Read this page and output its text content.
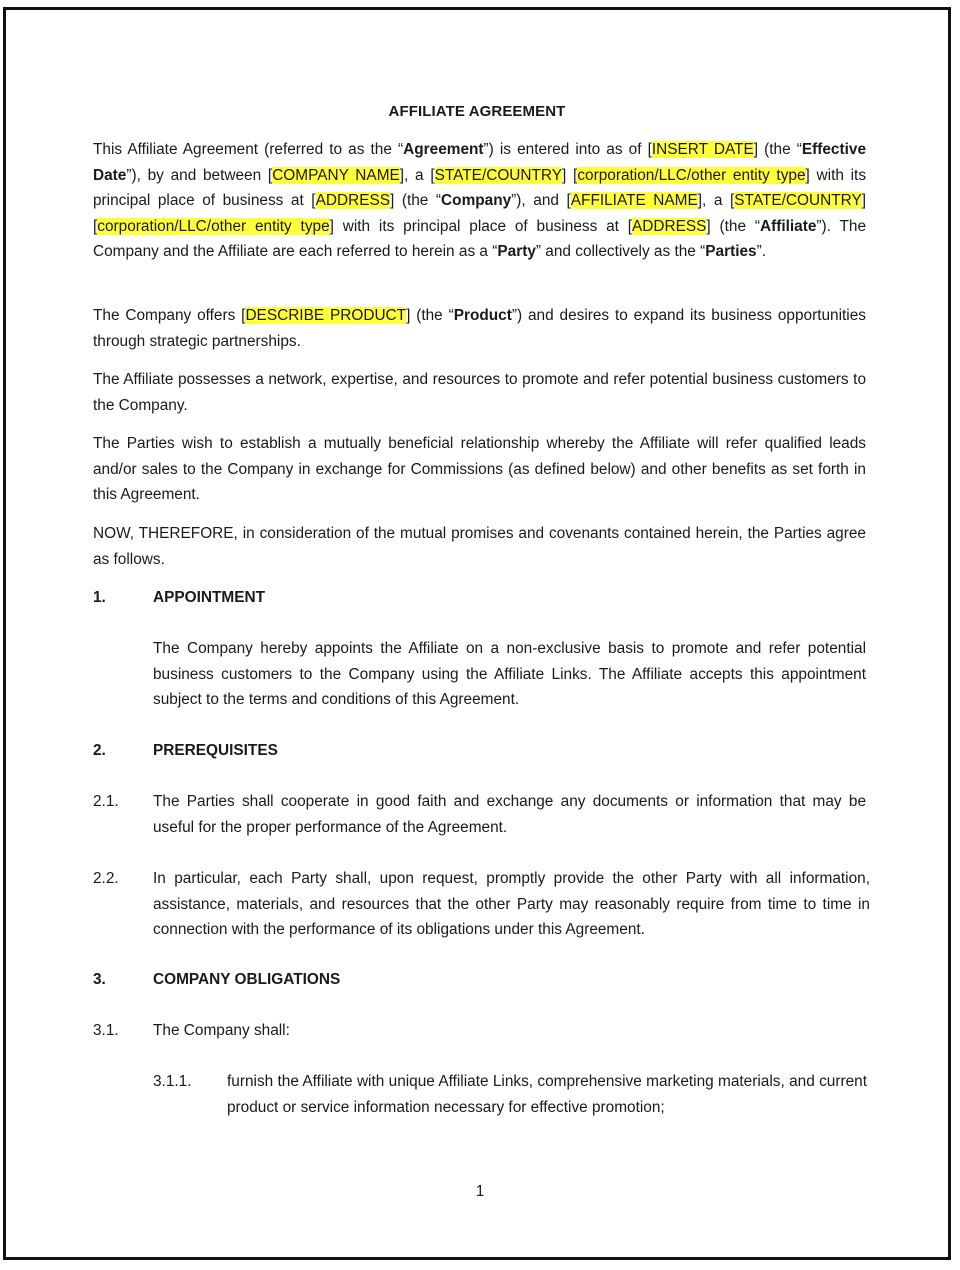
AFFILIATE AGREEMENT
This Affiliate Agreement (referred to as the “Agreement”) is entered into as of [INSERT DATE] (the “Effective Date”), by and between [COMPANY NAME], a [STATE/COUNTRY] [corporation/LLC/other entity type] with its principal place of business at [ADDRESS] (the “Company”), and [AFFILIATE NAME], a [STATE/COUNTRY] [corporation/LLC/other entity type] with its principal place of business at [ADDRESS] (the “Affiliate”). The Company and the Affiliate are each referred to herein as a “Party” and collectively as the “Parties”.
The Company offers [DESCRIBE PRODUCT] (the “Product”) and desires to expand its business opportunities through strategic partnerships.
The Affiliate possesses a network, expertise, and resources to promote and refer potential business customers to the Company.
The Parties wish to establish a mutually beneficial relationship whereby the Affiliate will refer qualified leads and/or sales to the Company in exchange for Commissions (as defined below) and other benefits as set forth in this Agreement.
NOW, THEREFORE, in consideration of the mutual promises and covenants contained herein, the Parties agree as follows.
1.	APPOINTMENT
The Company hereby appoints the Affiliate on a non-exclusive basis to promote and refer potential business customers to the Company using the Affiliate Links. The Affiliate accepts this appointment subject to the terms and conditions of this Agreement.
2.	PREREQUISITES
2.1. The Parties shall cooperate in good faith and exchange any documents or information that may be useful for the proper performance of the Agreement.
2.2. In particular, each Party shall, upon request, promptly provide the other Party with all information, assistance, materials, and resources that the other Party may reasonably require from time to time in connection with the performance of its obligations under this Agreement.
3.	COMPANY OBLIGATIONS
3.1. The Company shall:
3.1.1. furnish the Affiliate with unique Affiliate Links, comprehensive marketing materials, and current product or service information necessary for effective promotion;
1
